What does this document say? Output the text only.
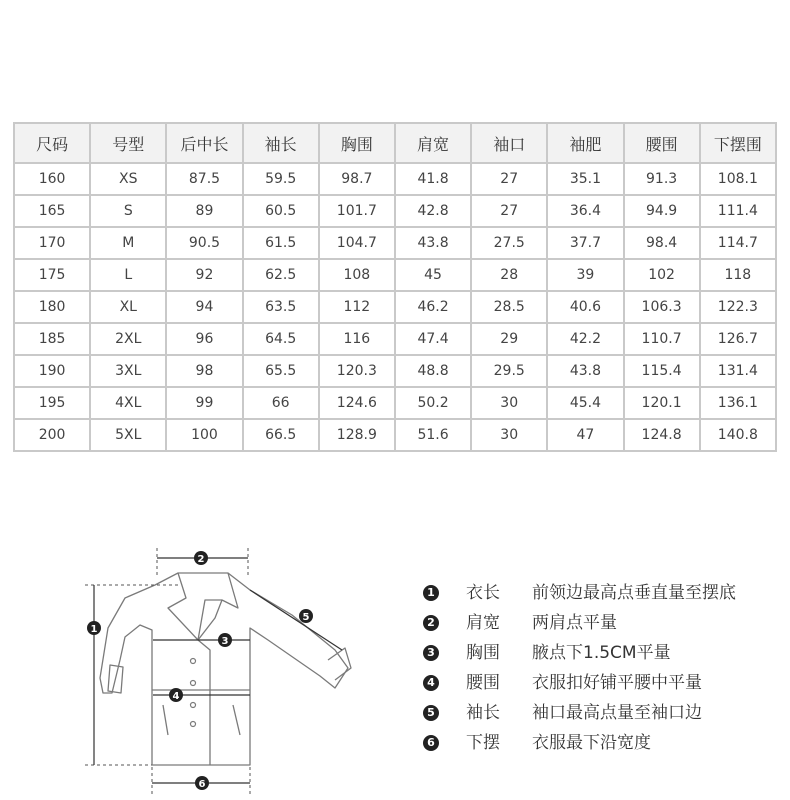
尺码	号型	后中长	袖长	胸围	肩宽	袖口	袖肥	腰围	下摆围
160	XS	87.5	59.5	98.7	41.8	27	35.1	91.3	108.1
165	S	89	60.5	101.7	42.8	27	36.4	94.9	111.4
170	M	90.5	61.5	104.7	43.8	27.5	37.7	98.4	114.7
175	L	92	62.5	108	45	28	39	102	118
180	XL	94	63.5	112	46.2	28.5	40.6	106.3	122.3
185	2XL	96	64.5	116	47.4	29	42.2	110.7	126.7
190	3XL	98	65.5	120.3	48.8	29.5	43.8	115.4	131.4
195	4XL	99	66	124.6	50.2	30	45.4	120.1	136.1
200	5XL	100	66.5	128.9	51.6	30	47	124.8	140.8
1
2
3
4
5
6
1 衣长 前领边最高点垂直量至摆底
2 肩宽 两肩点平量
3 胸围 腋点下1.5CM平量
4 腰围 衣服扣好铺平腰中平量
5 袖长 袖口最高点量至袖口边
6 下摆 衣服最下沿宽度
